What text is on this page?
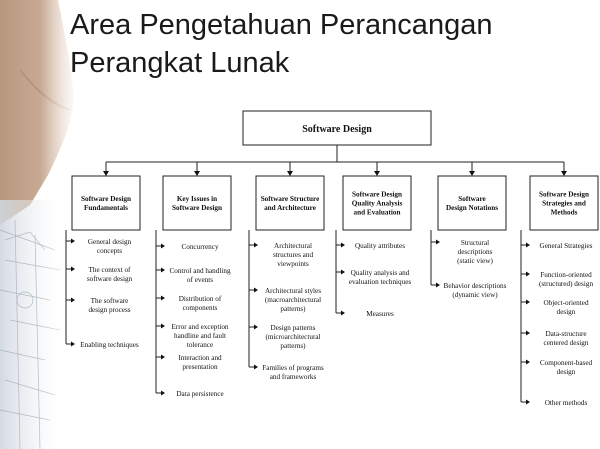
Area Pengetahuan Perancangan
Perangkat Lunak
Software Design
Software Design Fundamentals
General design concepts
The context of software design
The software design process
Enabling techniques
Key Issues in Software Design
Concurrency
Control and handling of events
Distribution of components
Error and exception handline and fault tolerance
Interaction and presentation
Data persistence
Software Structure and Architecture
Architectural structures and viewpoints
Architectural styles (macroarchitectural patterns)
Design patterns (microarchitectural patterns)
Families of programs and frameworks
Software Design Quality Analysis and Evaluation
Quality attributes
Quality analysis and evaluation techniques
Measures
Software Design Notations
Structural descriptions (static view)
Behavior descriptions (dynamic view)
Software Design Strategies and Methods
General Strategies
Function-oriented (structured) design
Object-oriented design
Data-structure centered design
Component-based design
Other methods
